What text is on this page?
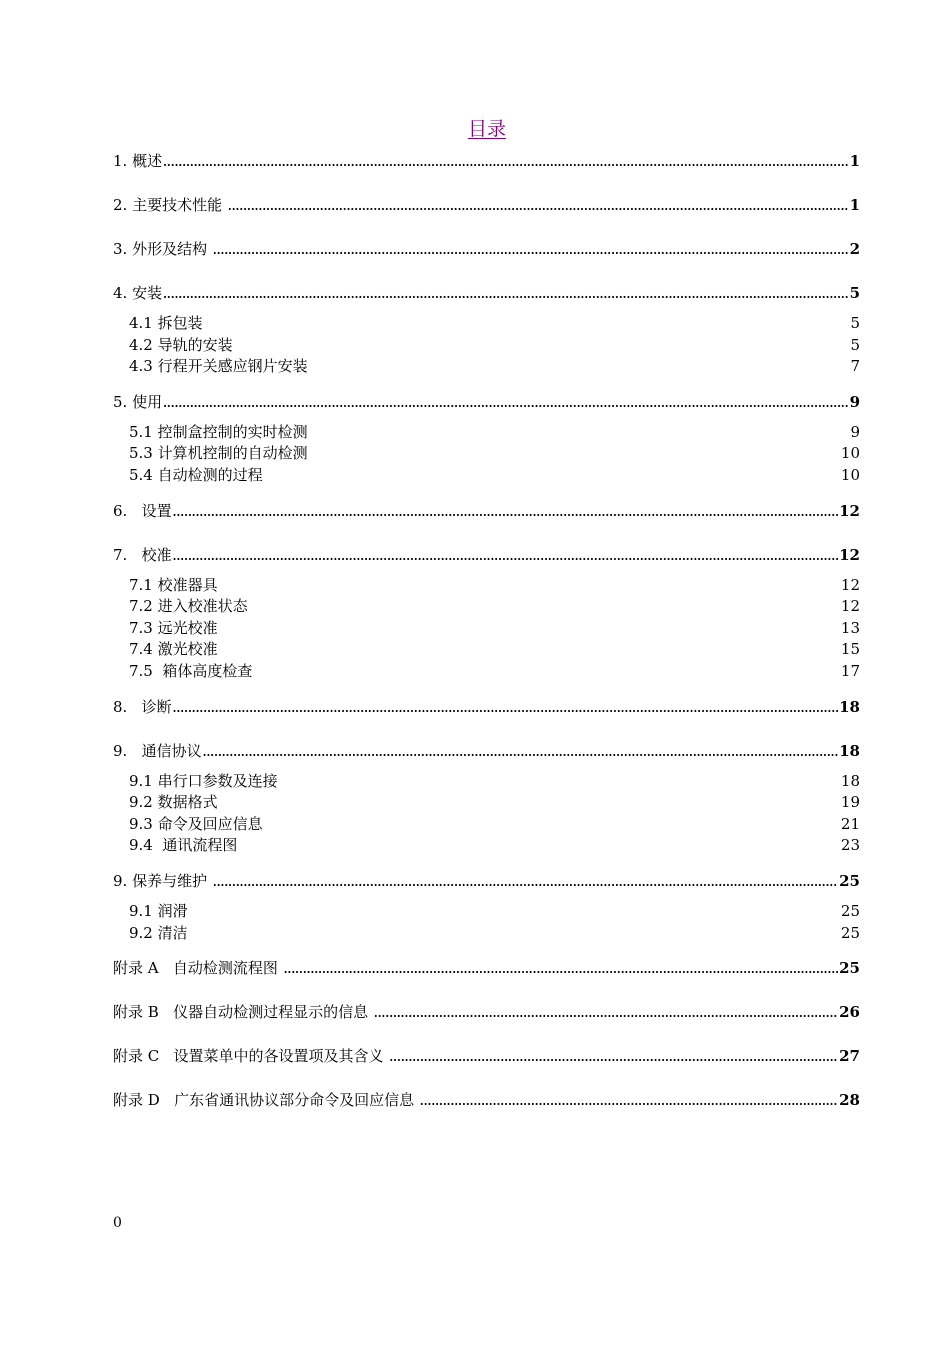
目录
1. 概述 .....	1
2. 主要技术性能 .....	1
3. 外形及结构 .....	2
4. 安装 .....	5
4.1 拆包装	5
4.2 导轨的安装	5
4.3 行程开关感应钢片安装	7
5. 使用 .....	9
5.1 控制盒控制的实时检测	9
5.3 计算机控制的自动检测	10
5.4 自动检测的过程	10
6.   设置 .....	12
7.   校准 .....	12
7.1 校准器具	12
7.2 进入校准状态	12
7.3 远光校准	13
7.4 激光校准	15
7.5  箱体高度检查	17
8.   诊断 .....	18
9.   通信协议 .....	18
9.1 串行口参数及连接	18
9.2 数据格式	19
9.3 命令及回应信息	21
9.4  通讯流程图	23
9. 保养与维护 .....	25
9.1 润滑	25
9.2 清洁	25
附录 A   自动检测流程图 .....	25
附录 B   仪器自动检测过程显示的信息 .....	26
附录 C   设置菜单中的各设置项及其含义 .....	27
附录 D   广东省通讯协议部分命令及回应信息 .....	28
0
